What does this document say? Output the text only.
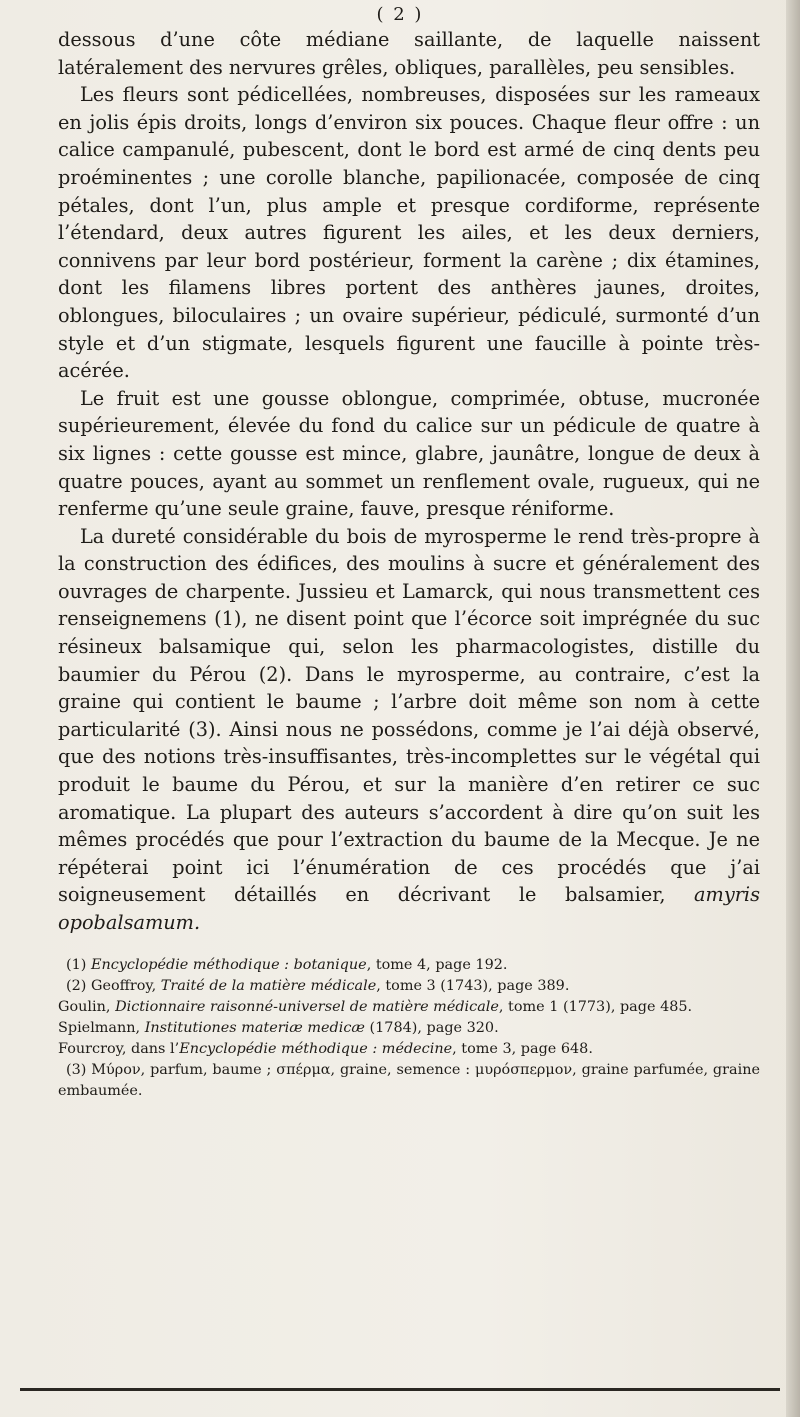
( 2 )

dessous d’une côte médiane saillante, de laquelle naissent latéralement des nervures grêles, obliques, parallèles, peu sensibles.

Les fleurs sont pédicellées, nombreuses, disposées sur les rameaux en jolis épis droits, longs d’environ six pouces. Chaque fleur offre : un calice campanulé, pubescent, dont le bord est armé de cinq dents peu proéminentes ; une corolle blanche, papilionacée, composée de cinq pétales, dont l’un, plus ample et presque cordiforme, représente l’étendard, deux autres figurent les ailes, et les deux derniers, connivens par leur bord postérieur, forment la carène ; dix étamines, dont les filamens libres portent des anthères jaunes, droites, oblongues, biloculaires ; un ovaire supérieur, pédiculé, surmonté d’un style et d’un stigmate, lesquels figurent une faucille à pointe très-acérée.

Le fruit est une gousse oblongue, comprimée, obtuse, mucronée supérieurement, élevée du fond du calice sur un pédicule de quatre à six lignes : cette gousse est mince, glabre, jaunâtre, longue de deux à quatre pouces, ayant au sommet un renflement ovale, rugueux, qui ne renferme qu’une seule graine, fauve, presque réniforme.

La dureté considérable du bois de myrosperme le rend très-propre à la construction des édifices, des moulins à sucre et généralement des ouvrages de charpente. Jussieu et Lamarck, qui nous transmettent ces renseignemens (1), ne disent point que l’écorce soit imprégnée du suc résineux balsamique qui, selon les pharmacologistes, distille du baumier du Pérou (2). Dans le myrosperme, au contraire, c’est la graine qui contient le baume ; l’arbre doit même son nom à cette particularité (3). Ainsi nous ne possédons, comme je l’ai déjà observé, que des notions très-insuffisantes, très-incomplettes sur le végétal qui produit le baume du Pérou, et sur la manière d’en retirer ce suc aromatique. La plupart des auteurs s’accordent à dire qu’on suit les mêmes procédés que pour l’extraction du baume de la Mecque. Je ne répéterai point ici l’énumération de ces procédés que j’ai soigneusement détaillés en décrivant le balsamier, amyris opobalsamum.

(1) Encyclopédie méthodique : botanique, tome 4, page 192.

(2) Geoffroy, Traité de la matière médicale, tome 3 (1743), page 389.

Goulin, Dictionnaire raisonné-universel de matière médicale, tome 1 (1773), page 485.

Spielmann, Institutiones materiæ medicæ (1784), page 320.

Fourcroy, dans l’Encyclopédie méthodique : médecine, tome 3, page 648.

(3) Μύρον, parfum, baume ; σπέρμα, graine, semence : μυρόσπερμον, graine parfumée, graine embaumée.
